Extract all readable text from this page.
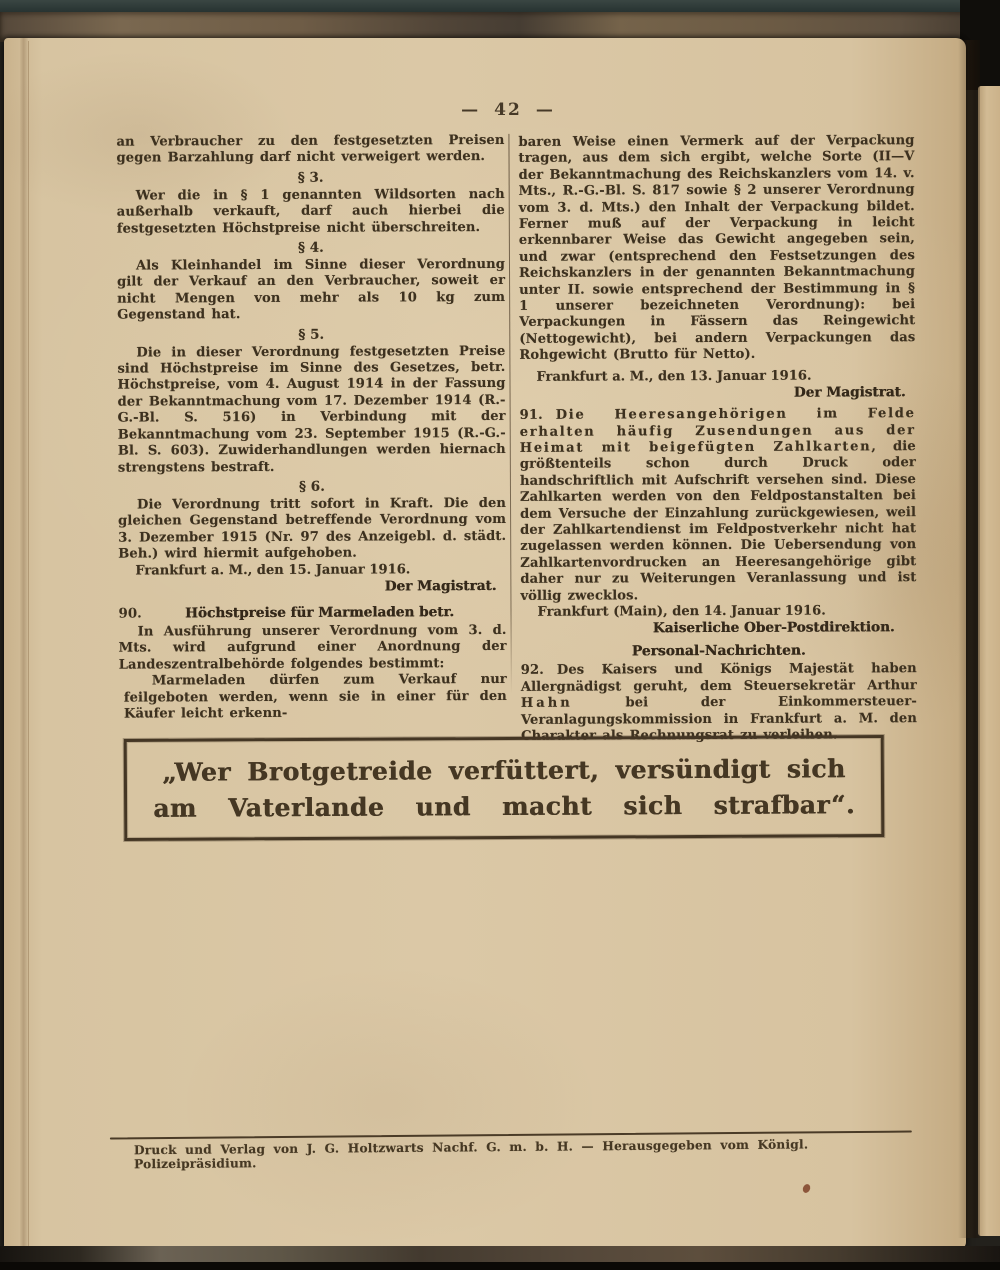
— 42 —

an Verbraucher zu den festgesetzten Preisen gegen Barzahlung darf nicht verweigert werden.

§ 3.

Wer die in § 1 genannten Wildsorten nach außerhalb verkauft, darf auch hierbei die festgesetzten Höchstpreise nicht überschreiten.

§ 4.

Als Kleinhandel im Sinne dieser Verordnung gilt der Verkauf an den Verbraucher, soweit er nicht Mengen von mehr als 10 kg zum Gegenstand hat.

§ 5.

Die in dieser Verordnung festgesetzten Preise sind Höchstpreise im Sinne des Gesetzes, betr. Höchstpreise, vom 4. August 1914 in der Fassung der Bekanntmachung vom 17. Dezember 1914 (R.-G.-Bl. S. 516) in Verbindung mit der Bekanntmachung vom 23. September 1915 (R.-G.-Bl. S. 603). Zuwiderhandlungen werden hiernach strengstens bestraft.

§ 6.

Die Verordnung tritt sofort in Kraft. Die den gleichen Gegenstand betreffende Verordnung vom 3. Dezember 1915 (Nr. 97 des Anzeigebl. d. städt. Beh.) wird hiermit aufgehoben.

Frankfurt a. M., den 15. Januar 1916.

Der Magistrat.

90.	Höchstpreise für Marmeladen betr.

In Ausführung unserer Verordnung vom 3. d. Mts. wird aufgrund einer Anordnung der Landeszentralbehörde folgendes bestimmt:

Marmeladen dürfen zum Verkauf nur feilgeboten werden, wenn sie in einer für den Käufer leicht erkenn-

baren Weise einen Vermerk auf der Verpackung tragen, aus dem sich ergibt, welche Sorte (II—V der Bekanntmachung des Reichskanzlers vom 14. v. Mts., R.-G.-Bl. S. 817 sowie § 2 unserer Verordnung vom 3. d. Mts.) den Inhalt der Verpackung bildet. Ferner muß auf der Verpackung in leicht erkennbarer Weise das Gewicht angegeben sein, und zwar (entsprechend den Festsetzungen des Reichskanzlers in der genannten Bekanntmachung unter II. sowie entsprechend der Bestimmung in § 1 unserer bezeichneten Verordnung): bei Verpackungen in Fässern das Reingewicht (Nettogewicht), bei andern Verpackungen das Rohgewicht (Brutto für Netto).

Frankfurt a. M., den 13. Januar 1916.

Der Magistrat.

91. Die Heeresangehörigen im Felde erhalten häufig Zusendungen aus der Heimat mit beigefügten Zahlkarten, die größtenteils schon durch Druck oder handschriftlich mit Aufschrift versehen sind. Diese Zahlkarten werden von den Feldpostanstalten bei dem Versuche der Einzahlung zurückgewiesen, weil der Zahlkartendienst im Feldpostverkehr nicht hat zugelassen werden können. Die Uebersendung von Zahlkartenvordrucken an Heeresangehörige gibt daher nur zu Weiterungen Veranlassung und ist völlig zwecklos.

Frankfurt (Main), den 14. Januar 1916.

Kaiserliche Ober-Postdirektion.

Personal-Nachrichten.

92. Des Kaisers und Königs Majestät haben Allergnädigst geruht, dem Steuersekretär Arthur Hahn bei der Einkommersteuer-Veranlagungskommission in Frankfurt a. M. den Charakter als Rechnungsrat zu verleihen.

„Wer Brotgetreide verfüttert, versündigt sich
am Vaterlande und macht sich strafbar“.
Druck und Verlag von J. G. Holtzwarts Nachf. G. m. b. H. — Herausgegeben vom Königl. Polizeipräsidium.
